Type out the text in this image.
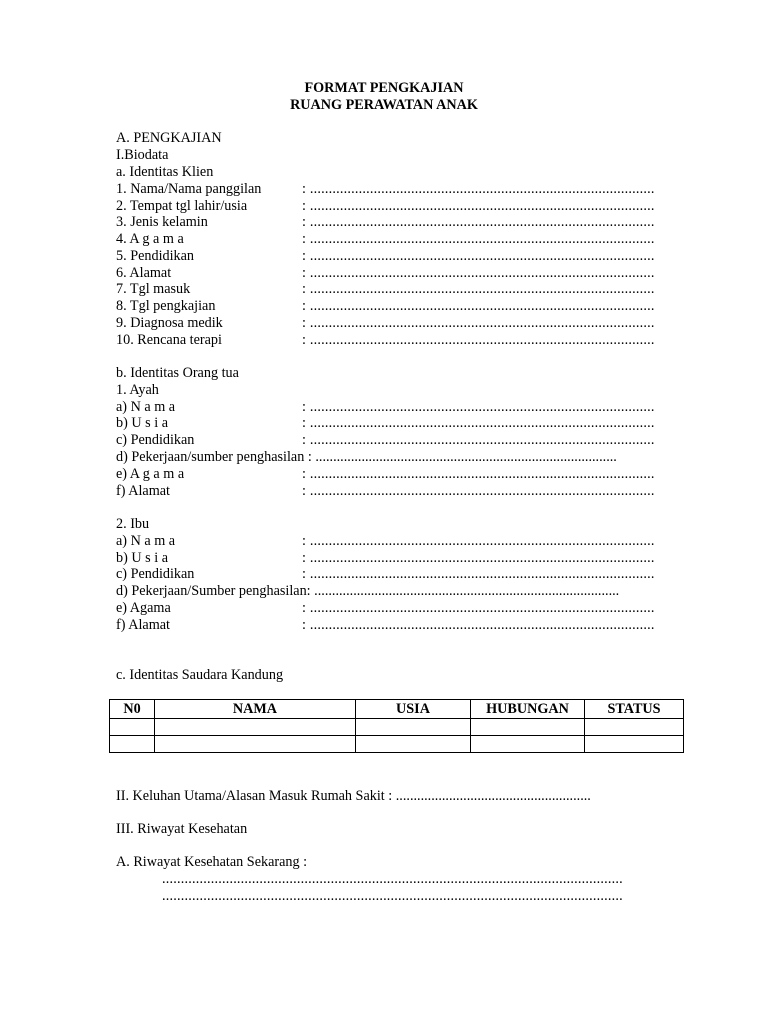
FORMAT PENGKAJIAN
RUANG PERAWATAN ANAK
A. PENGKAJIAN
I.Biodata
a. Identitas Klien
1. Nama/Nama panggilan	: ............................................................................................
2. Tempat tgl lahir/usia	: ............................................................................................
3. Jenis kelamin	: ............................................................................................
4. A g a m a	: ............................................................................................
5. Pendidikan	: ............................................................................................
6. Alamat	: ............................................................................................
7. Tgl masuk	: ............................................................................................
8. Tgl pengkajian	: ............................................................................................
9. Diagnosa medik	: ............................................................................................
10. Rencana terapi	: ............................................................................................
b. Identitas Orang tua
1. Ayah
a) N a m a	: ............................................................................................
b) U s i a	: ............................................................................................
c) Pendidikan	: ............................................................................................
d) Pekerjaan/sumber penghasilan : .....................................................................................
e) A g a m a	: ............................................................................................
f) Alamat	: ............................................................................................
2. Ibu
a) N a m a	: ............................................................................................
b) U s i a	: ............................................................................................
c) Pendidikan	: ............................................................................................
d) Pekerjaan/Sumber penghasilan: ......................................................................................
e) Agama	: ............................................................................................
f) Alamat	: ............................................................................................
c. Identitas Saudara Kandung
N0	NAMA	USIA	HUBUNGAN	STATUS

II. Keluhan Utama/Alasan Masuk Rumah Sakit : .......................................................
III. Riwayat Kesehatan
A. Riwayat Kesehatan Sekarang :
...........................................................................................................................
...........................................................................................................................
